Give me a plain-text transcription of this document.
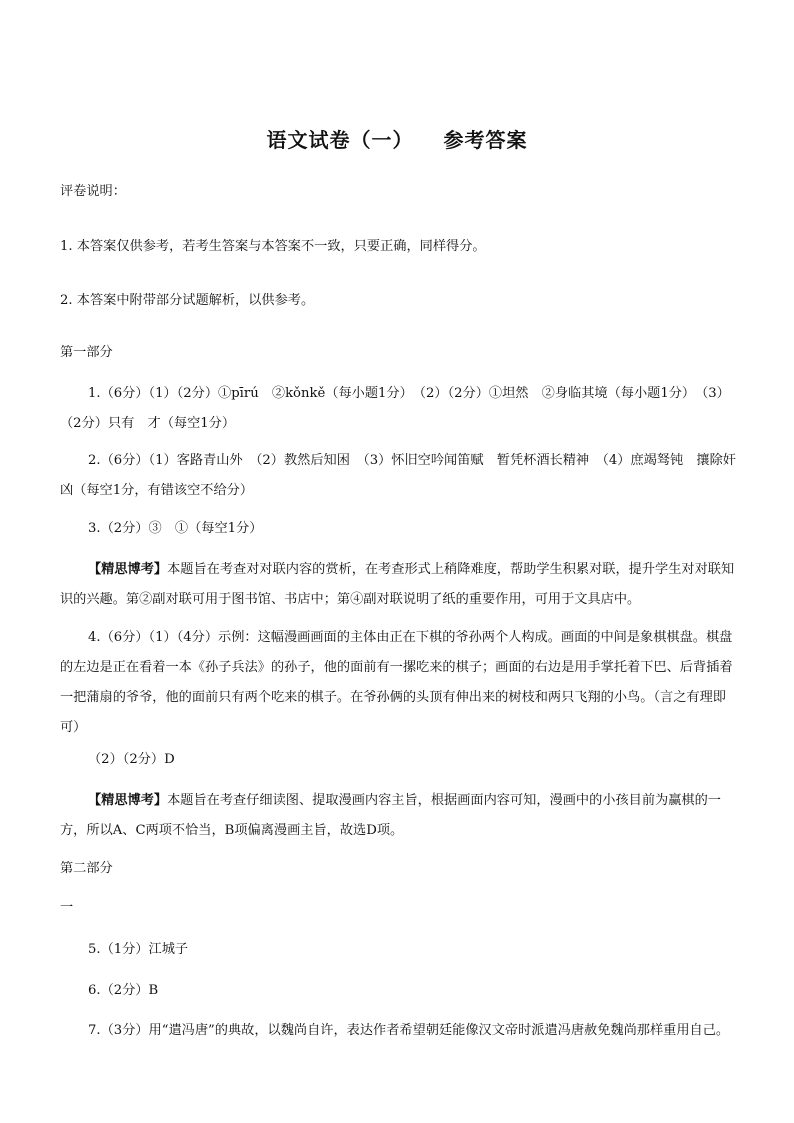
语文试卷（一） 参考答案
评卷说明：
1. 本答案仅供参考，若考生答案与本答案不一致，只要正确，同样得分。
2. 本答案中附带部分试题解析，以供参考。
第一部分
1.（6分）（1）（2分）①pīrú　②kǒnkě（每小题1分）　（2）（2分）①坦然　②身临其境（每小题1分）　（3）（2分）只有　才（每空1分）
2.（6分）（1）客路青山外　（2）教然后知困　（3）怀旧空吟闻笛赋　暂凭杯酒长精神　（4）庶竭驽钝　攘除奸凶（每空1分，有错该空不给分）
3.（2分）③　①（每空1分）
【精思博考】本题旨在考查对对联内容的赏析，在考查形式上稍降难度，帮助学生积累对联，提升学生对对联知识的兴趣。第②副对联可用于图书馆、书店中；第④副对联说明了纸的重要作用，可用于文具店中。
4.（6分）（1）（4分）示例：这幅漫画画面的主体由正在下棋的爷孙两个人构成。画面的中间是象棋棋盘。棋盘的左边是正在看着一本《孙子兵法》的孙子，他的面前有一摞吃来的棋子；画面的右边是用手掌托着下巴、后背插着一把蒲扇的爷爷，他的面前只有两个吃来的棋子。在爷孙俩的头顶有伸出来的树枝和两只飞翔的小鸟。（言之有理即可）
（2）（2分）D
【精思博考】本题旨在考查仔细读图、提取漫画内容主旨，根据画面内容可知，漫画中的小孩目前为赢棋的一方，所以A、C两项不恰当，B项偏离漫画主旨，故选D项。
第二部分
一
5.（1分）江城子
6.（2分）B
7.（3分）用“遣冯唐”的典故，以魏尚自许，表达作者希望朝廷能像汉文帝时派遣冯唐赦免魏尚那样重用自己。
